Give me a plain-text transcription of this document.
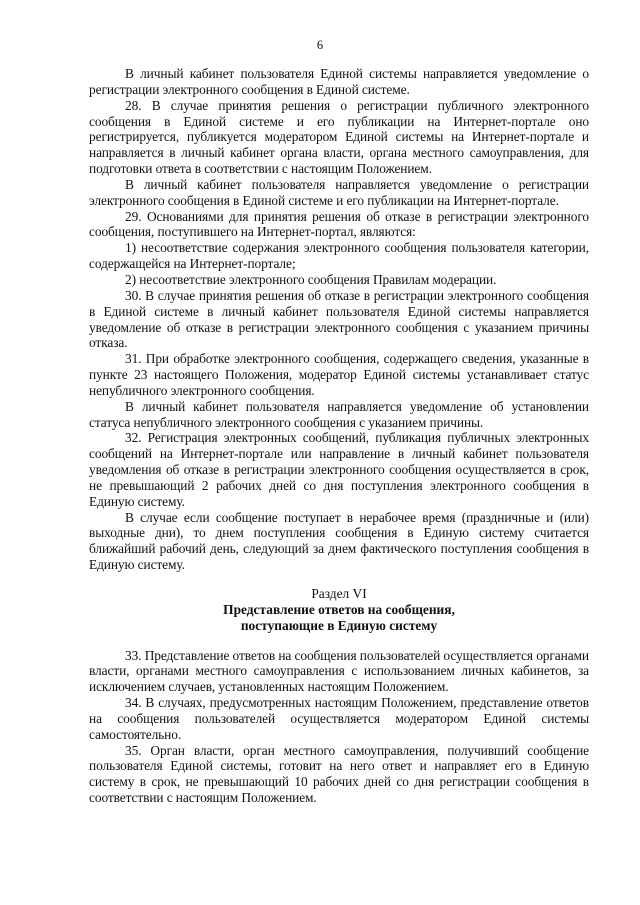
6

В личный кабинет пользователя Единой системы направляется уведомление о регистрации электронного сообщения в Единой системе.

28. В случае принятия решения о регистрации публичного электронного сообщения в Единой системе и его публикации на Интернет-портале оно регистрируется, публикуется модератором Единой системы на Интернет-портале и направляется в личный кабинет органа власти, органа местного самоуправления, для подготовки ответа в соответствии с настоящим Положением.

В личный кабинет пользователя направляется уведомление о регистрации электронного сообщения в Единой системе и его публикации на Интернет-портале.

29. Основаниями для принятия решения об отказе в регистрации электронного сообщения, поступившего на Интернет-портал, являются:

1) несоответствие содержания электронного сообщения пользователя категории, содержащейся на Интернет-портале;

2) несоответствие электронного сообщения Правилам модерации.

30. В случае принятия решения об отказе в регистрации электронного сообщения в Единой системе в личный кабинет пользователя Единой системы направляется уведомление об отказе в регистрации электронного сообщения с указанием причины отказа.

31. При обработке электронного сообщения, содержащего сведения, указанные в пункте 23 настоящего Положения, модератор Единой системы устанавливает статус непубличного электронного сообщения.

В личный кабинет пользователя направляется уведомление об установлении статуса непубличного электронного сообщения с указанием причины.

32. Регистрация электронных сообщений, публикация публичных электронных сообщений на Интернет-портале или направление в личный кабинет пользователя уведомления об отказе в регистрации электронного сообщения осуществляется в срок, не превышающий 2 рабочих дней со дня поступления электронного сообщения в Единую систему.

В случае если сообщение поступает в нерабочее время (праздничные и (или) выходные дни), то днем поступления сообщения в Единую систему считается ближайший рабочий день, следующий за днем фактического поступления сообщения в Единую систему.

Раздел VI
Представление ответов на сообщения,
поступающие в Единую систему

33. Представление ответов на сообщения пользователей осуществляется органами власти, органами местного самоуправления с использованием личных кабинетов, за исключением случаев, установленных настоящим Положением.

34. В случаях, предусмотренных настоящим Положением, представление ответов на сообщения пользователей осуществляется модератором Единой системы самостоятельно.

35. Орган власти, орган местного самоуправления, получивший сообщение пользователя Единой системы, готовит на него ответ и направляет его в Единую систему в срок, не превышающий 10 рабочих дней со дня регистрации сообщения в соответствии с настоящим Положением.
